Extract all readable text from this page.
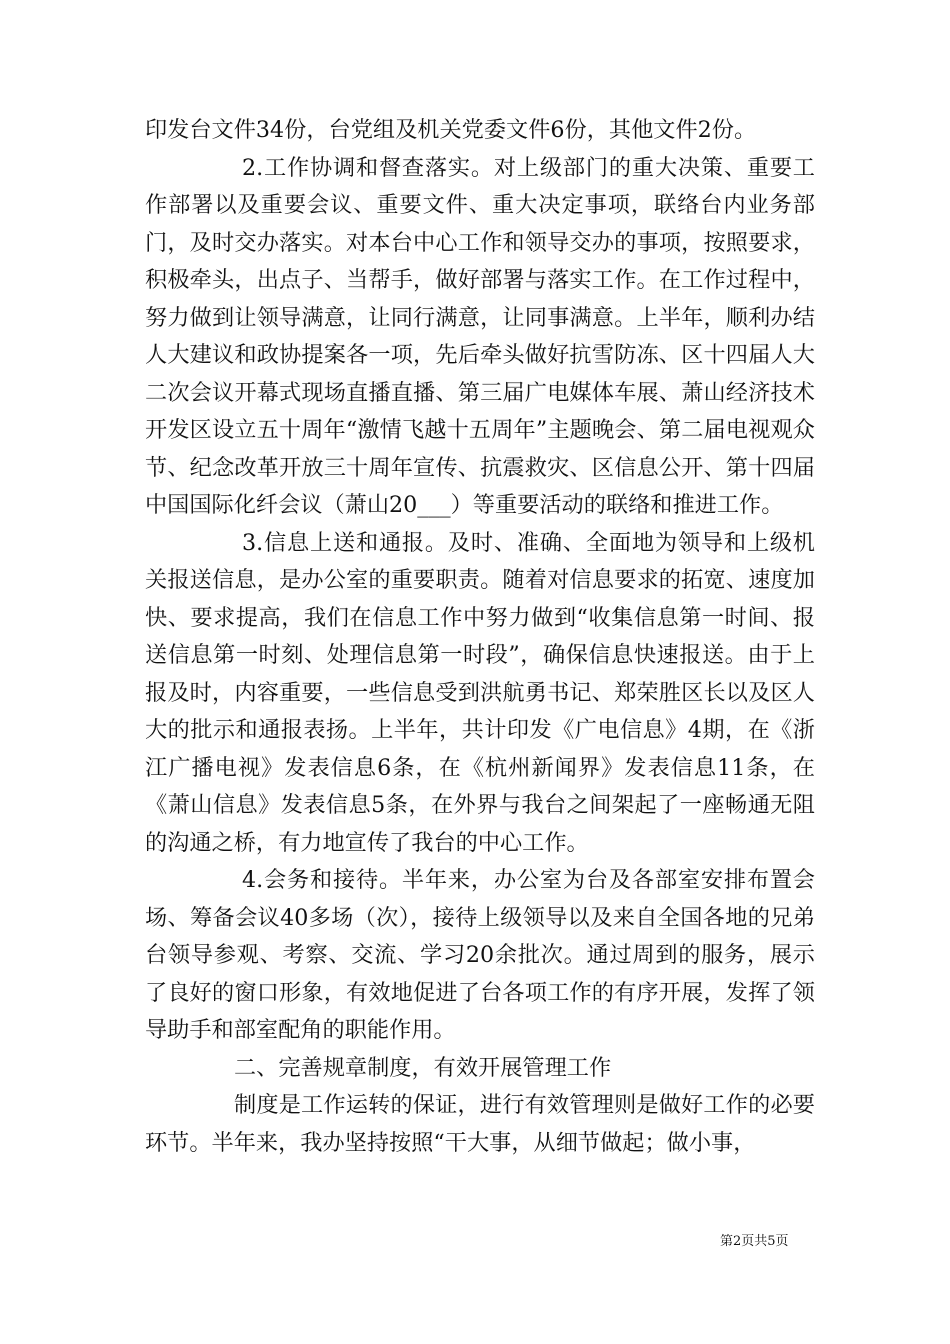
印发台文件34份，台党组及机关党委文件6份，其他文件2份。

2.工作协调和督查落实。对上级部门的重大决策、重要工作部署以及重要会议、重要文件、重大决定事项，联络台内业务部门，及时交办落实。对本台中心工作和领导交办的事项，按照要求，积极牵头，出点子、当帮手，做好部署与落实工作。在工作过程中，努力做到让领导满意，让同行满意，让同事满意。上半年，顺利办结人大建议和政协提案各一项，先后牵头做好抗雪防冻、区十四届人大二次会议开幕式现场直播直播、第三届广电媒体车展、萧山经济技术开发区设立五十周年“激情飞越十五周年”主题晚会、第二届电视观众节、纪念改革开放三十周年宣传、抗震救灾、区信息公开、第十四届中国国际化纤会议（萧山20___）等重要活动的联络和推进工作。

3.信息上送和通报。及时、准确、全面地为领导和上级机关报送信息，是办公室的重要职责。随着对信息要求的拓宽、速度加快、要求提高，我们在信息工作中努力做到“收集信息第一时间、报送信息第一时刻、处理信息第一时段”，确保信息快速报送。由于上报及时，内容重要，一些信息受到洪航勇书记、郑荣胜区长以及区人大的批示和通报表扬。上半年，共计印发《广电信息》4期，在《浙江广播电视》发表信息6条，在《杭州新闻界》发表信息11条，在《萧山信息》发表信息5条，在外界与我台之间架起了一座畅通无阻的沟通之桥，有力地宣传了我台的中心工作。

4.会务和接待。半年来，办公室为台及各部室安排布置会场、筹备会议40多场（次），接待上级领导以及来自全国各地的兄弟台领导参观、考察、交流、学习20余批次。通过周到的服务，展示了良好的窗口形象，有效地促进了台各项工作的有序开展，发挥了领导助手和部室配角的职能作用。

二、完善规章制度，有效开展管理工作

制度是工作运转的保证，进行有效管理则是做好工作的必要环节。半年来，我办坚持按照“干大事，从细节做起；做小事，

第2页共5页
